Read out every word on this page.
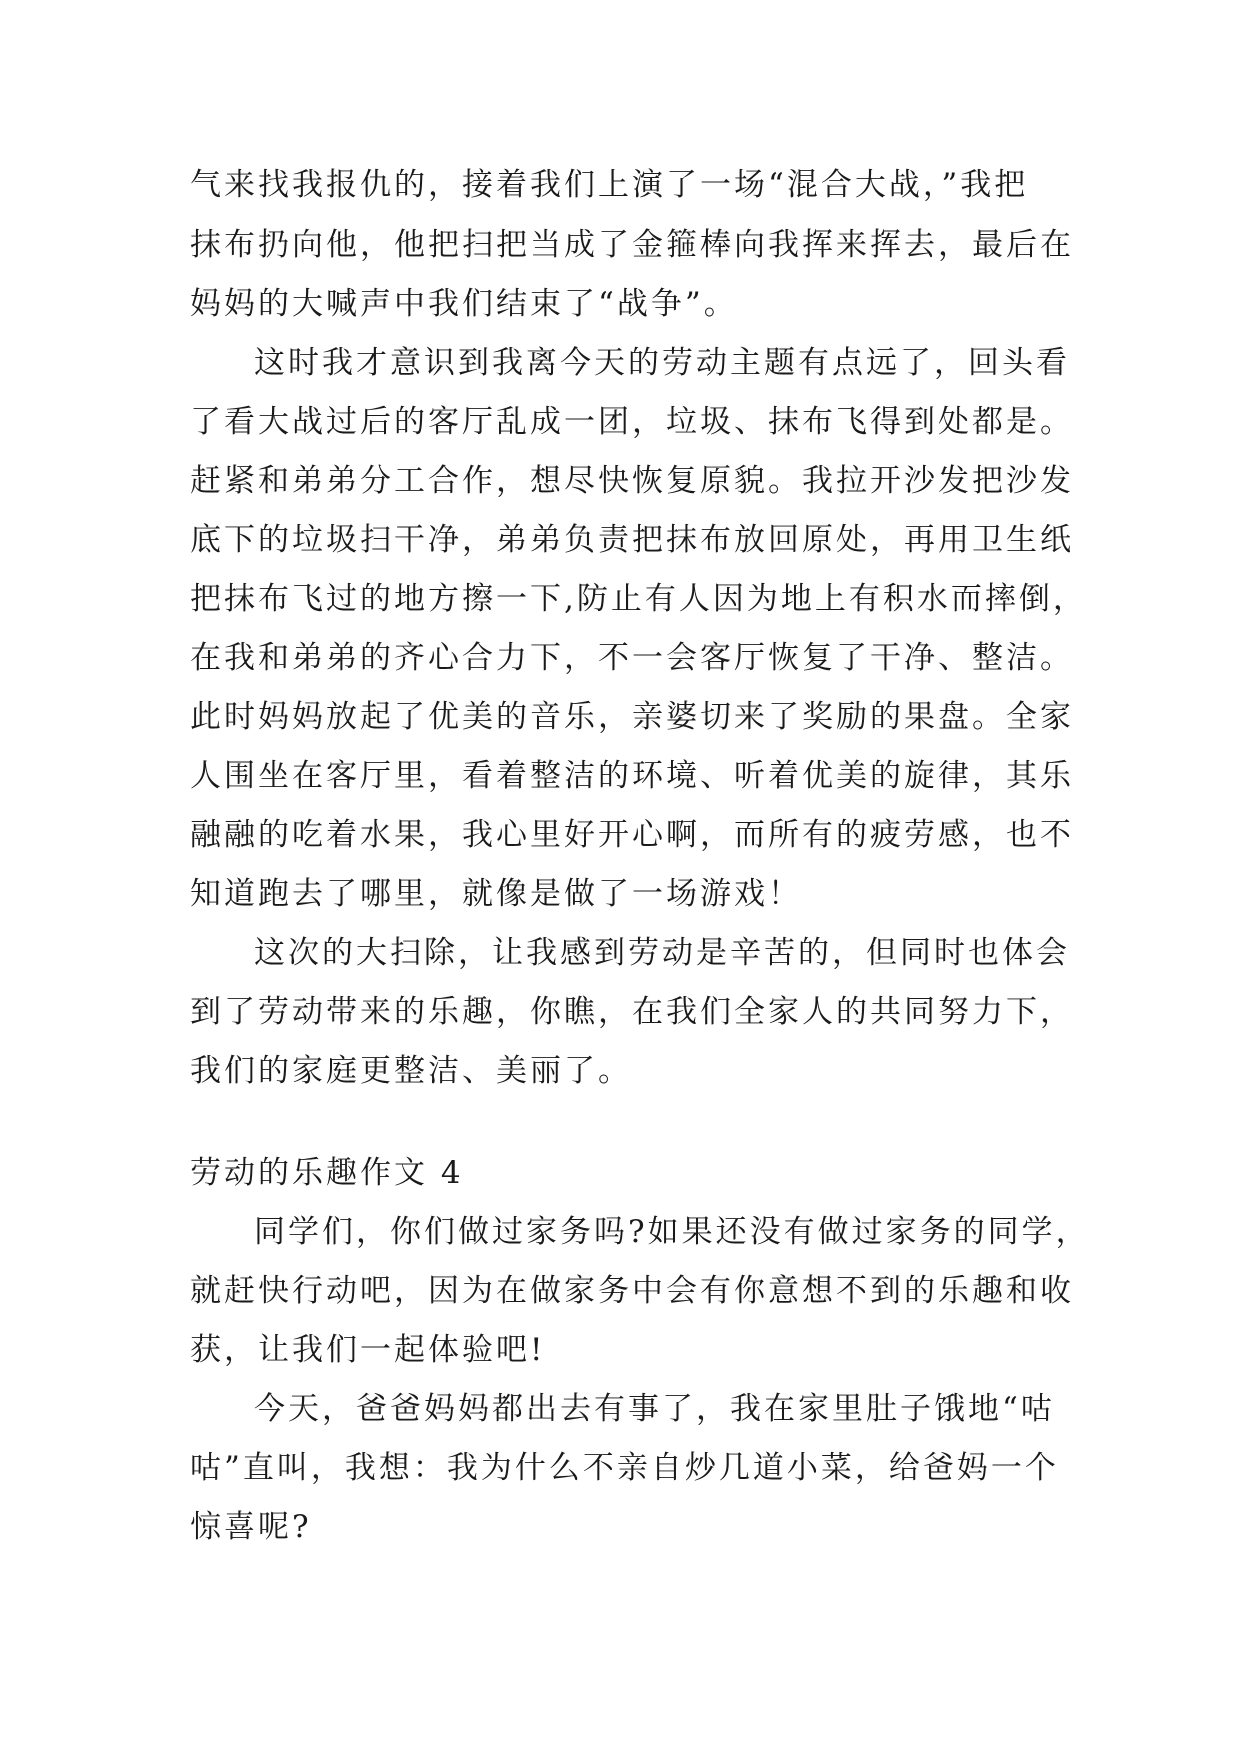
气来找我报仇的，接着我们上演了一场“混合大战，”我把
抹布扔向他，他把扫把当成了金箍棒向我挥来挥去，最后在
妈妈的大喊声中我们结束了“战争”。
这时我才意识到我离今天的劳动主题有点远了，回头看
了看大战过后的客厅乱成一团，垃圾、抹布飞得到处都是。
赶紧和弟弟分工合作，想尽快恢复原貌。我拉开沙发把沙发
底下的垃圾扫干净，弟弟负责把抹布放回原处，再用卫生纸
把抹布飞过的地方擦一下,防止有人因为地上有积水而摔倒，
在我和弟弟的齐心合力下，不一会客厅恢复了干净、整洁。
此时妈妈放起了优美的音乐，亲婆切来了奖励的果盘。全家
人围坐在客厅里，看着整洁的环境、听着优美的旋律，其乐
融融的吃着水果，我心里好开心啊，而所有的疲劳感，也不
知道跑去了哪里，就像是做了一场游戏！
这次的大扫除，让我感到劳动是辛苦的，但同时也体会
到了劳动带来的乐趣，你瞧，在我们全家人的共同努力下，
我们的家庭更整洁、美丽了。
劳动的乐趣作文 4
同学们，你们做过家务吗?如果还没有做过家务的同学，
就赶快行动吧，因为在做家务中会有你意想不到的乐趣和收
获，让我们一起体验吧!
今天，爸爸妈妈都出去有事了，我在家里肚子饿地“咕
咕”直叫，我想：我为什么不亲自炒几道小菜，给爸妈一个
惊喜呢?
